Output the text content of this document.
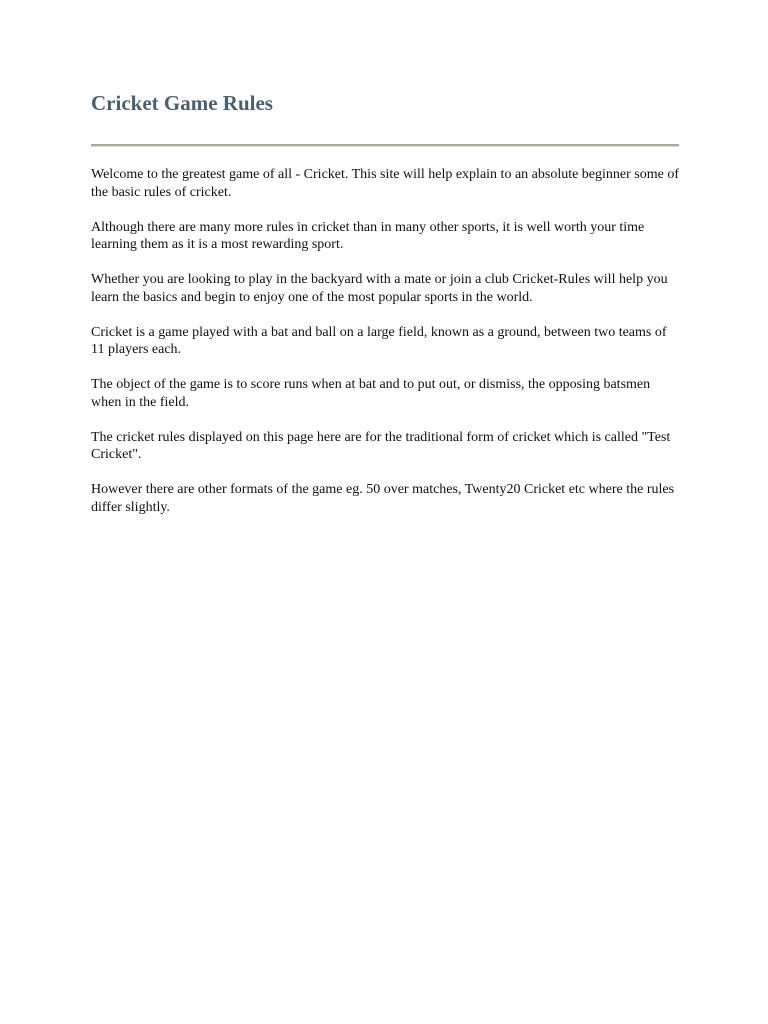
Cricket Game Rules

Welcome to the greatest game of all - Cricket. This site will help explain to an absolute beginner some of the basic rules of cricket.

Although there are many more rules in cricket than in many other sports, it is well worth your time learning them as it is a most rewarding sport.

Whether you are looking to play in the backyard with a mate or join a club Cricket-Rules will help you learn the basics and begin to enjoy one of the most popular sports in the world.

Cricket is a game played with a bat and ball on a large field, known as a ground, between two teams of 11 players each.

The object of the game is to score runs when at bat and to put out, or dismiss, the opposing batsmen when in the field.

The cricket rules displayed on this page here are for the traditional form of cricket which is called "Test Cricket".

However there are other formats of the game eg. 50 over matches, Twenty20 Cricket etc where the rules differ slightly.
